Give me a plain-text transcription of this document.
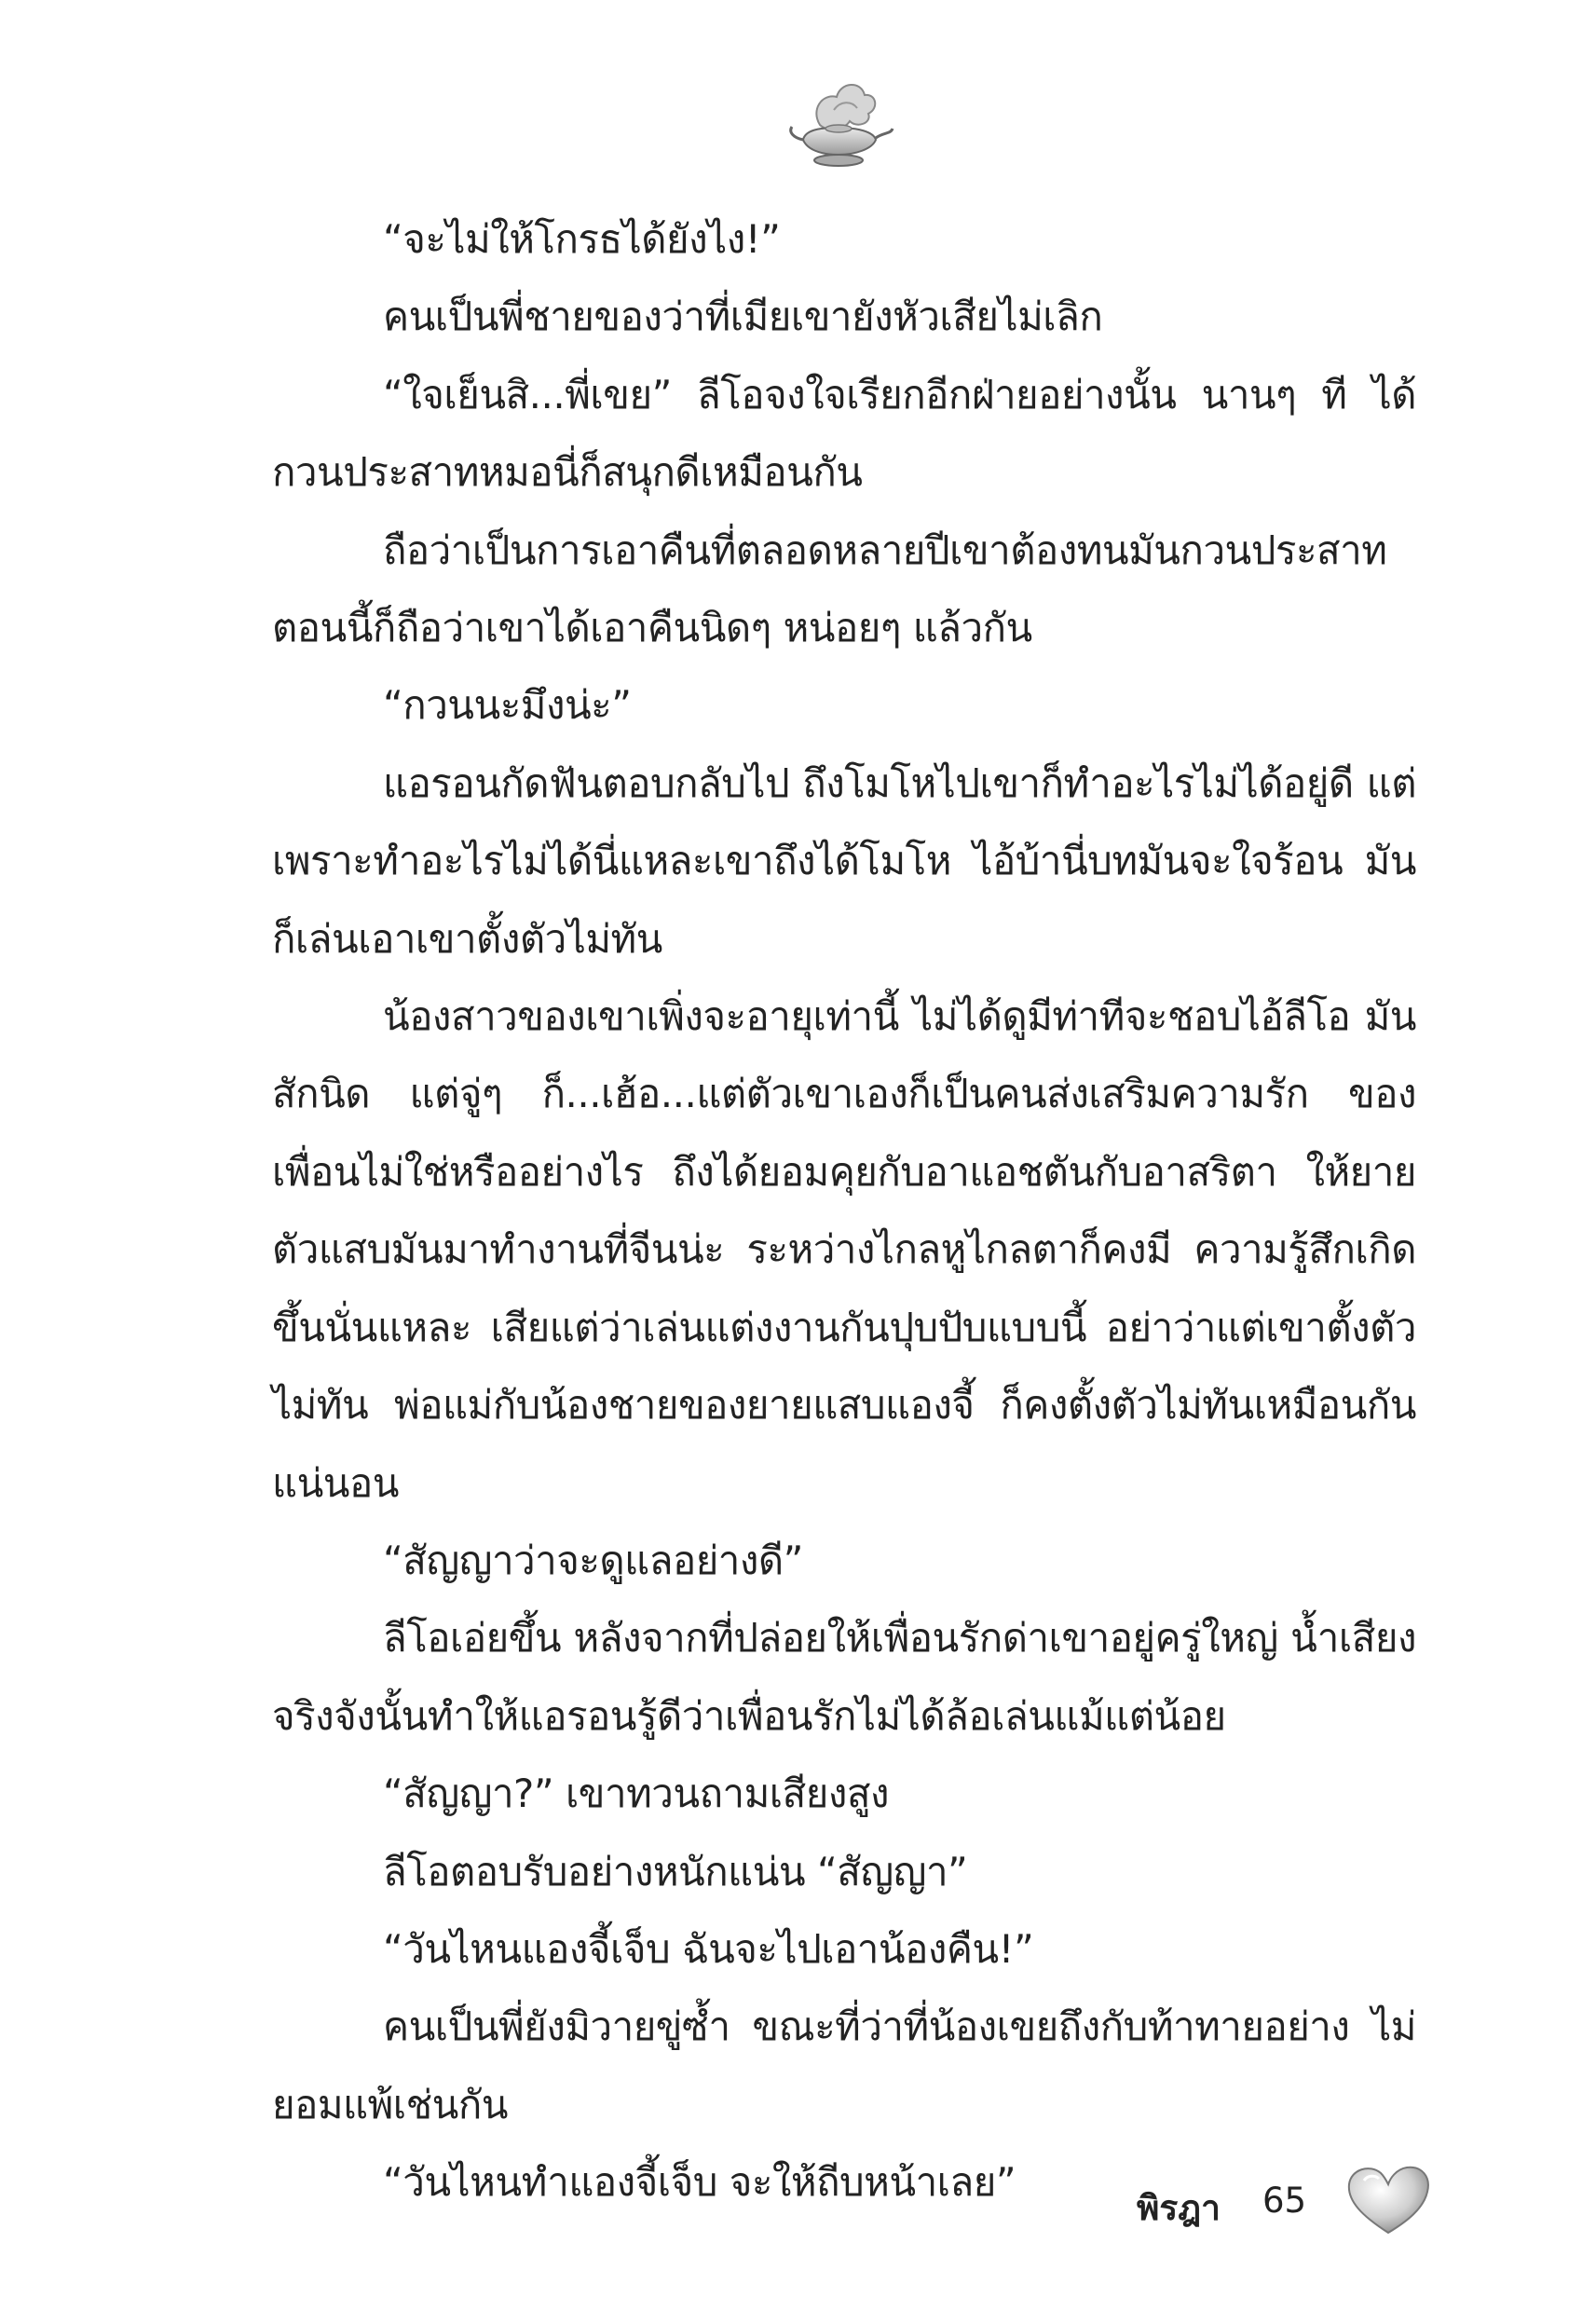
“จะไม่ให้โกรธได้ยังไง!”

คนเป็นพี่ชายของว่าที่เมียเขายังหัวเสียไม่เลิก

“ใจเย็นสิ...พี่เขย” ลีโอจงใจเรียกอีกฝ่ายอย่างนั้น นานๆ ที ได้กวนประสาทหมอนี่ก็สนุกดีเหมือนกัน

ถือว่าเป็นการเอาคืนที่ตลอดหลายปีเขาต้องทนมันกวนประสาท ตอนนี้ก็ถือว่าเขาได้เอาคืนนิดๆ หน่อยๆ แล้วกัน

“กวนนะมึงน่ะ”

แอรอนกัดฟันตอบกลับไป ถึงโมโหไปเขาก็ทำอะไรไม่ได้อยู่ดี แต่เพราะทำอะไรไม่ได้นี่แหละเขาถึงได้โมโห ไอ้บ้านี่บทมันจะใจร้อน มันก็เล่นเอาเขาตั้งตัวไม่ทัน

น้องสาวของเขาเพิ่งจะอายุเท่านี้ ไม่ได้ดูมีท่าทีจะชอบไอ้ลีโอ มันสักนิด แต่จู่ๆ ก็...เฮ้อ...แต่ตัวเขาเองก็เป็นคนส่งเสริมความรัก ของเพื่อนไม่ใช่หรืออย่างไร ถึงได้ยอมคุยกับอาแอชตันกับอาสริตา ให้ยายตัวแสบมันมาทำงานที่จีนน่ะ ระหว่างไกลหูไกลตาก็คงมี ความรู้สึกเกิดขึ้นนั่นแหละ เสียแต่ว่าเล่นแต่งงานกันปุบปับแบบนี้ อย่าว่าแต่เขาตั้งตัวไม่ทัน พ่อแม่กับน้องชายของยายแสบแองจี้ ก็คงตั้งตัวไม่ทันเหมือนกันแน่นอน

“สัญญาว่าจะดูแลอย่างดี”

ลีโอเอ่ยขึ้น หลังจากที่ปล่อยให้เพื่อนรักด่าเขาอยู่ครู่ใหญ่ น้ำเสียงจริงจังนั้นทำให้แอรอนรู้ดีว่าเพื่อนรักไม่ได้ล้อเล่นแม้แต่น้อย

“สัญญา?” เขาทวนถามเสียงสูง

ลีโอตอบรับอย่างหนักแน่น “สัญญา”

“วันไหนแองจี้เจ็บ ฉันจะไปเอาน้องคืน!”

คนเป็นพี่ยังมิวายขู่ซ้ำ ขณะที่ว่าที่น้องเขยถึงกับท้าทายอย่าง ไม่ยอมแพ้เช่นกัน

“วันไหนทำแองจี้เจ็บ จะให้ถีบหน้าเลย”

พิรฎา 65
